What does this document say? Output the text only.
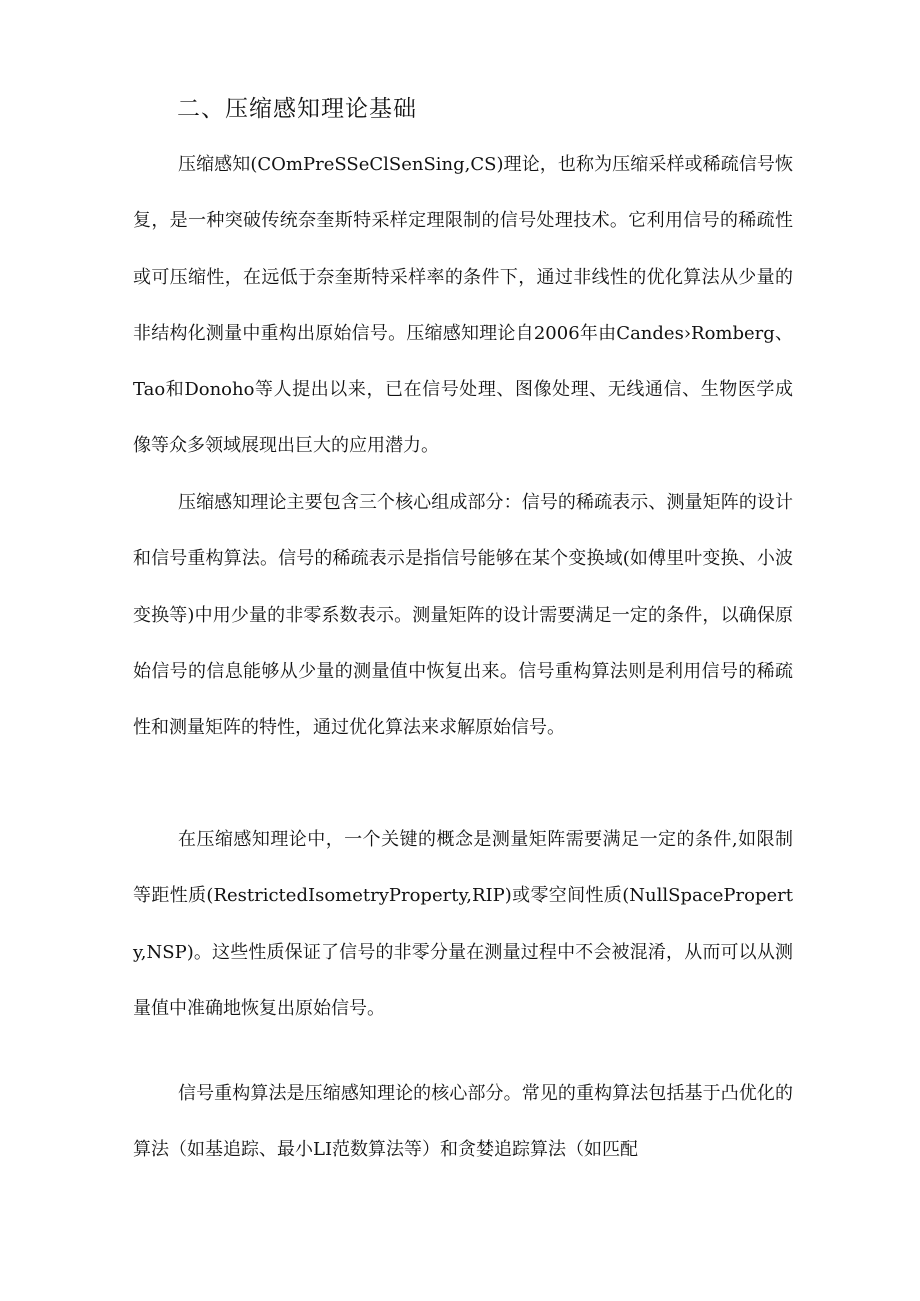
二、压缩感知理论基础

压缩感知(COmPreSSeClSenSing,CS)理论，也称为压缩采样或稀疏信号恢复，是一种突破传统奈奎斯特采样定理限制的信号处理技术。它利用信号的稀疏性或可压缩性，在远低于奈奎斯特采样率的条件下，通过非线性的优化算法从少量的非结构化测量中重构出原始信号。压缩感知理论自2006年由Candes›Romberg、Tao和Donoho等人提出以来，已在信号处理、图像处理、无线通信、生物医学成像等众多领域展现出巨大的应用潜力。

压缩感知理论主要包含三个核心组成部分：信号的稀疏表示、测量矩阵的设计和信号重构算法。信号的稀疏表示是指信号能够在某个变换域(如傅里叶变换、小波变换等)中用少量的非零系数表示。测量矩阵的设计需要满足一定的条件，以确保原始信号的信息能够从少量的测量值中恢复出来。信号重构算法则是利用信号的稀疏性和测量矩阵的特性，通过优化算法来求解原始信号。

在压缩感知理论中，一个关键的概念是测量矩阵需要满足一定的条件,如限制等距性质(RestrictedIsometryProperty,RIP)或零空间性质(NullSpaceProperty,NSP)。这些性质保证了信号的非零分量在测量过程中不会被混淆，从而可以从测量值中准确地恢复出原始信号。

信号重构算法是压缩感知理论的核心部分。常见的重构算法包括基于凸优化的算法（如基追踪、最小LI范数算法等）和贪婪追踪算法（如匹配
